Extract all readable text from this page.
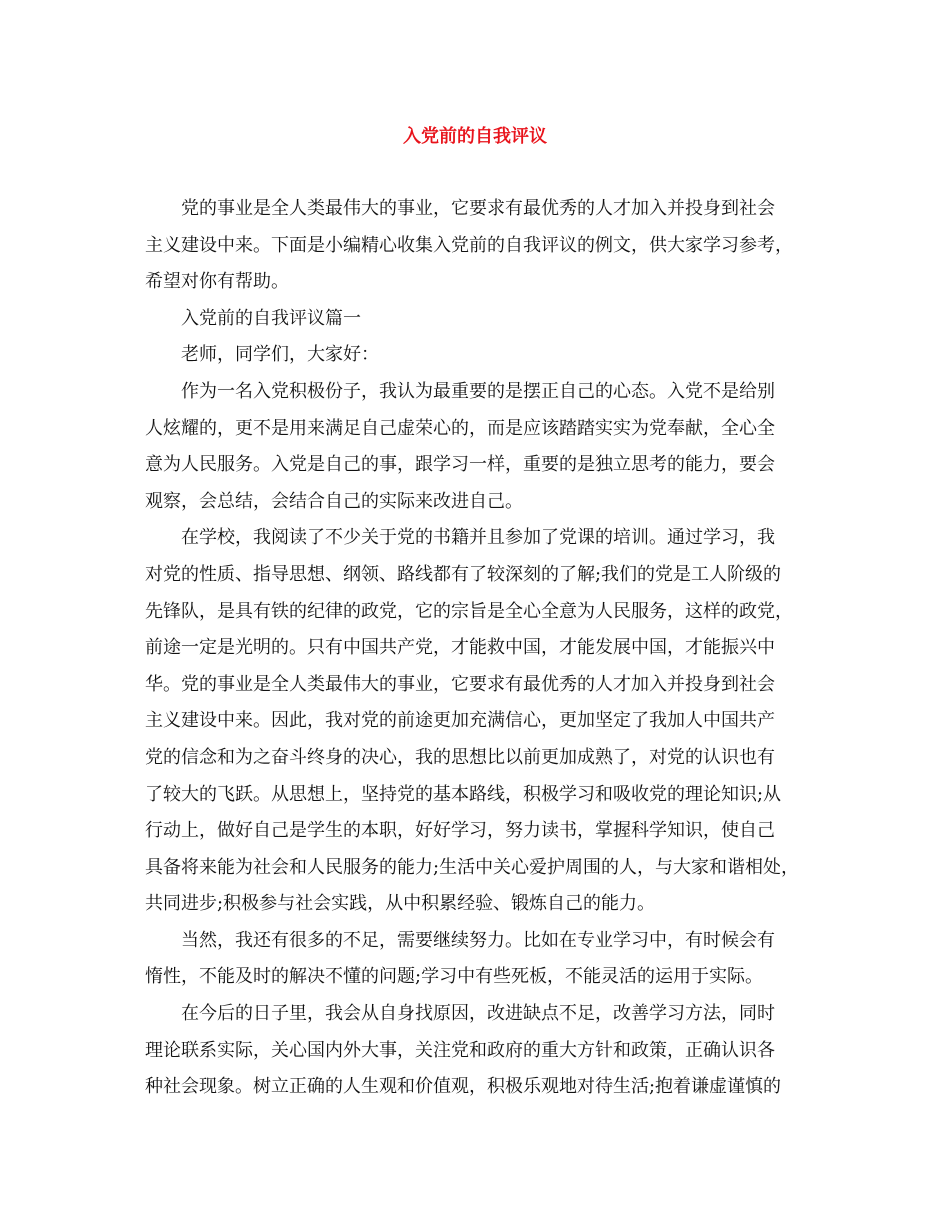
入党前的自我评议

党的事业是全人类最伟大的事业，它要求有最优秀的人才加入并投身到社会

主义建设中来。下面是小编精心收集入党前的自我评议的例文，供大家学习参考，

希望对你有帮助。

入党前的自我评议篇一

老师，同学们，大家好：

作为一名入党积极份子，我认为最重要的是摆正自己的心态。入党不是给别

人炫耀的，更不是用来满足自己虚荣心的，而是应该踏踏实实为党奉献，全心全

意为人民服务。入党是自己的事，跟学习一样，重要的是独立思考的能力，要会

观察，会总结，会结合自己的实际来改进自己。

在学校，我阅读了不少关于党的书籍并且参加了党课的培训。通过学习，我

对党的性质、指导思想、纲领、路线都有了较深刻的了解;我们的党是工人阶级的

先锋队，是具有铁的纪律的政党，它的宗旨是全心全意为人民服务，这样的政党，

前途一定是光明的。只有中国共产党，才能救中国，才能发展中国，才能振兴中

华。党的事业是全人类最伟大的事业，它要求有最优秀的人才加入并投身到社会

主义建设中来。因此，我对党的前途更加充满信心，更加坚定了我加人中国共产

党的信念和为之奋斗终身的决心，我的思想比以前更加成熟了，对党的认识也有

了较大的飞跃。从思想上，坚持党的基本路线，积极学习和吸收党的理论知识;从

行动上，做好自己是学生的本职，好好学习，努力读书，掌握科学知识，使自己

具备将来能为社会和人民服务的能力;生活中关心爱护周围的人，与大家和谐相处，

共同进步;积极参与社会实践，从中积累经验、锻炼自己的能力。

当然，我还有很多的不足，需要继续努力。比如在专业学习中，有时候会有

惰性，不能及时的解决不懂的问题;学习中有些死板，不能灵活的运用于实际。

在今后的日子里，我会从自身找原因，改进缺点不足，改善学习方法，同时

理论联系实际，关心国内外大事，关注党和政府的重大方针和政策，正确认识各

种社会现象。树立正确的人生观和价值观，积极乐观地对待生活;抱着谦虚谨慎的
